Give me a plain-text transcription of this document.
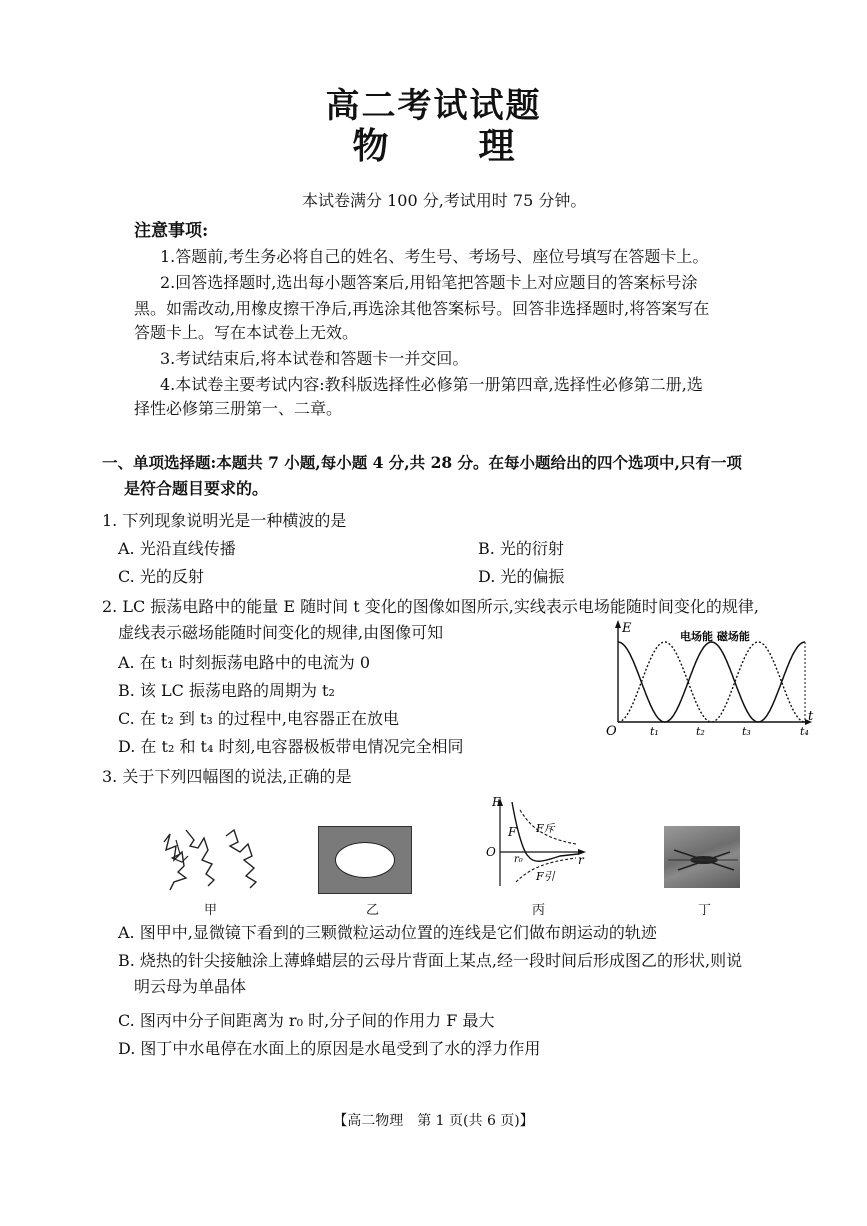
高二考试试题
物	理
本试卷满分 100 分,考试用时 75 分钟。
注意事项:
1.答题前,考生务必将自己的姓名、考生号、考场号、座位号填写在答题卡上。
2.回答选择题时,选出每小题答案后,用铅笔把答题卡上对应题目的答案标号涂
黑。如需改动,用橡皮擦干净后,再选涂其他答案标号。回答非选择题时,将答案写在
答题卡上。写在本试卷上无效。
3.考试结束后,将本试卷和答题卡一并交回。
4.本试卷主要考试内容:教科版选择性必修第一册第四章,选择性必修第二册,选
择性必修第三册第一、二章。
一、单项选择题:本题共 7 小题,每小题 4 分,共 28 分。在每小题给出的四个选项中,只有一项
是符合题目要求的。
1. 下列现象说明光是一种横波的是
A. 光沿直线传播	B. 光的衍射
C. 光的反射	D. 光的偏振
2. LC 振荡电路中的能量 E 随时间 t 变化的图像如图所示,实线表示电场能随时间变化的规律,
虚线表示磁场能随时间变化的规律,由图像可知
A. 在 t₁ 时刻振荡电路中的电流为 0
B. 该 LC 振荡电路的周期为 t₂
C. 在 t₂ 到 t₃ 的过程中,电容器正在放电
D. 在 t₂ 和 t₄ 时刻,电容器极板带电情况完全相同
E
t
O
电场能 磁场能
t₁	t₂	t₃	t₄
3. 关于下列四幅图的说法,正确的是
F
F F斥
F引
O
r₀	r
甲	乙	丙	丁
A. 图甲中,显微镜下看到的三颗微粒运动位置的连线是它们做布朗运动的轨迹
B. 烧热的针尖接触涂上薄蜂蜡层的云母片背面上某点,经一段时间后形成图乙的形状,则说
明云母为单晶体
C. 图丙中分子间距离为 r₀ 时,分子间的作用力 F 最大
D. 图丁中水黾停在水面上的原因是水黾受到了水的浮力作用
【高二物理　第 1 页(共 6 页)】
